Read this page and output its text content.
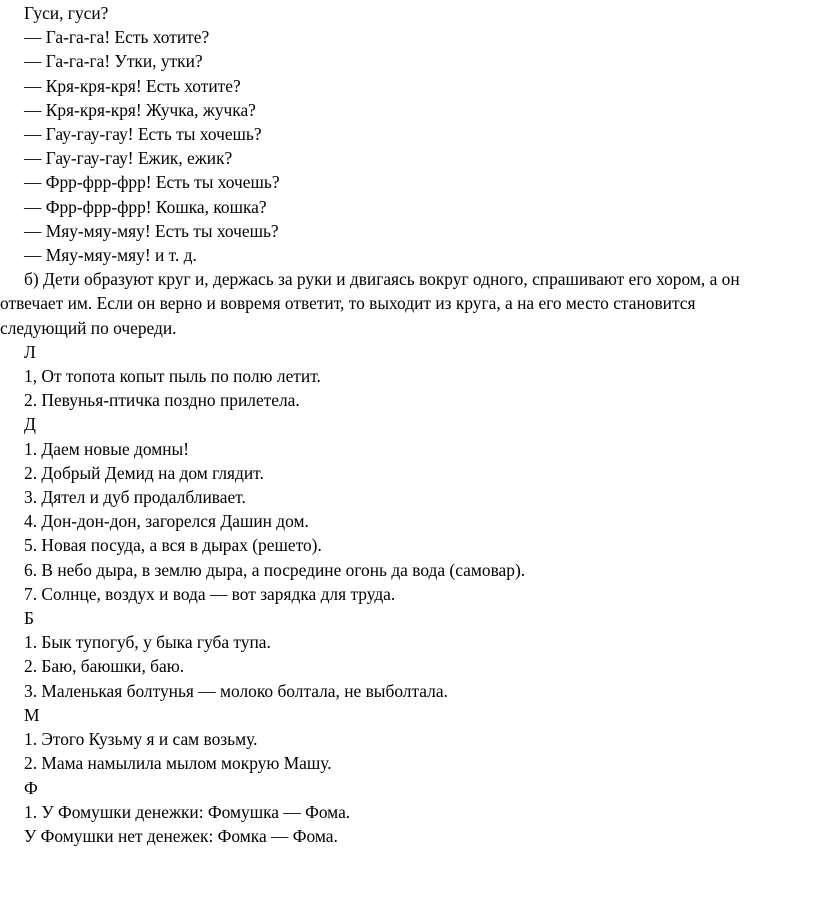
Гуси, гуси?
— Га-га-га! Есть хотите?
— Га-га-га! Утки, утки?
— Кря-кря-кря! Есть хотите?
— Кря-кря-кря! Жучка, жучка?
— Гау-гау-гау! Есть ты хочешь?
— Гау-гау-гау! Ежик, ежик?
— Фрр-фрр-фрр! Есть ты хочешь?
— Фрр-фрр-фрр! Кошка, кошка?
— Мяу-мяу-мяу! Есть ты хочешь?
— Мяу-мяу-мяу! и т. д.
б) Дети образуют круг и, держась за руки и двигаясь вокруг одного, спрашивают его хором, а он
отвечает им. Если он верно и вовремя ответит, то выходит из круга, а на его место становится
следующий по очереди.
Л
1, От топота копыт пыль по полю летит.
2. Певунья-птичка поздно прилетела.
Д
1. Даем новые домны!
2. Добрый Демид на дом глядит.
3. Дятел и дуб продалбливает.
4. Дон-дон-дон, загорелся Дашин дом.
5. Новая посуда, а вся в дырах (решето).
6. В небо дыра, в землю дыра, а посредине огонь да вода (самовар).
7. Солнце, воздух и вода — вот зарядка для труда.
Б
1. Бык тупогуб, у быка губа тупа.
2. Баю, баюшки, баю.
3. Маленькая болтунья — молоко болтала, не выболтала.
М
1. Этого Кузьму я и сам возьму.
2. Мама намылила мылом мокрую Машу.
Ф
1. У Фомушки денежки: Фомушка — Фома.
У Фомушки нет денежек: Фомка — Фома.
